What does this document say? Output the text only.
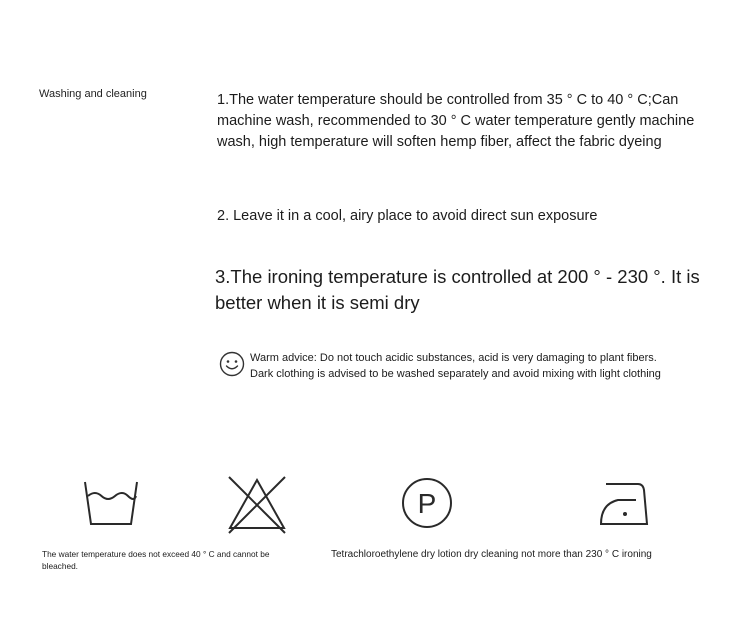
Washing and cleaning	1.The water temperature should be controlled from 35 ° C to 40 ° C;Can machine wash, recommended to 30 ° C water temperature gently machine wash, high temperature will soften hemp fiber, affect the fabric dyeing
2. Leave it in a cool, airy place to avoid direct sun exposure
3.The ironing temperature is controlled at 200 ° - 230 °. It is better when it is semi dry
Warm advice: Do not touch acidic substances, acid is very damaging to plant fibers.
Dark clothing is advised to be washed separately and avoid mixing with light clothing
P
The water temperature does not exceed 40 ° C and cannot be bleached.
Tetrachloroethylene dry lotion dry cleaning not more than 230 ° C ironing
